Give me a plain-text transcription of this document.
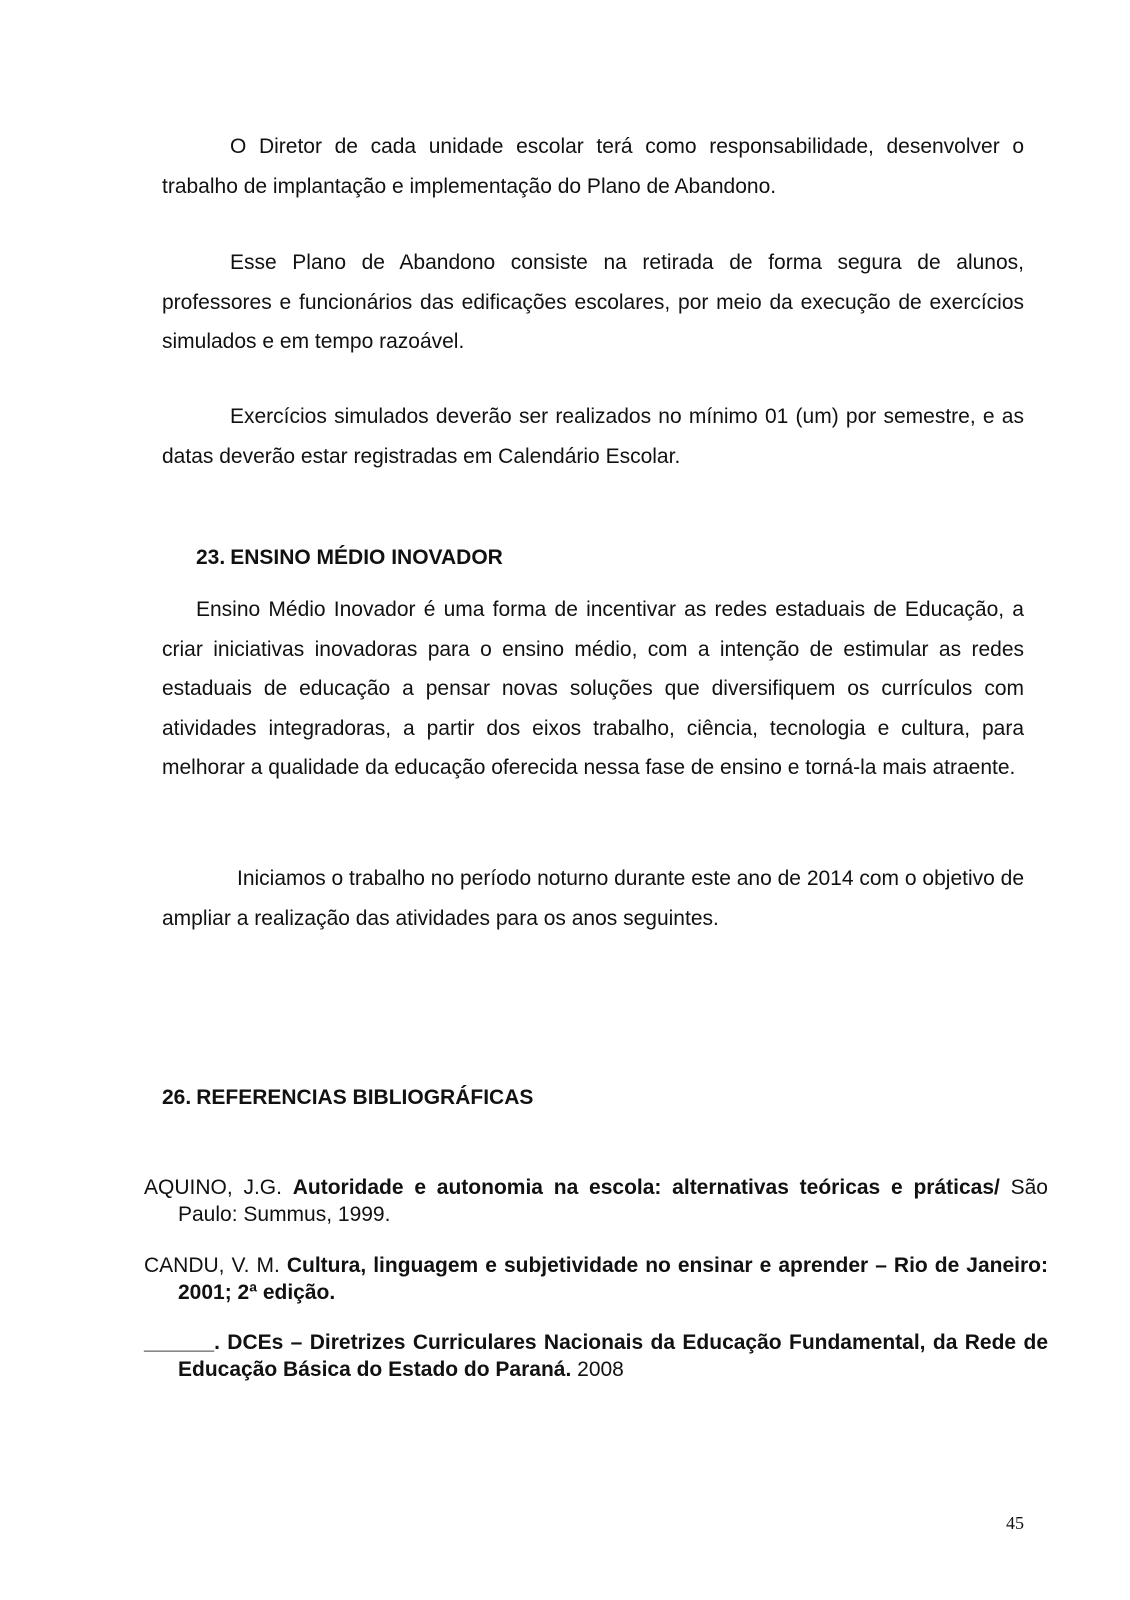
O Diretor de cada unidade escolar terá como responsabilidade, desenvolver o trabalho de implantação e implementação do Plano de Abandono.

Esse Plano de Abandono consiste na retirada de forma segura de alunos, professores e funcionários das edificações escolares, por meio da execução de exercícios simulados e em tempo razoável.

Exercícios simulados deverão ser realizados no mínimo 01 (um) por semestre, e as datas deverão estar registradas em Calendário Escolar.

23. ENSINO MÉDIO INOVADOR

Ensino Médio Inovador é uma forma de incentivar as redes estaduais de Educação, a criar iniciativas inovadoras para o ensino médio, com a intenção de estimular as redes estaduais de educação a pensar novas soluções que diversifiquem os currículos com atividades integradoras, a partir dos eixos trabalho, ciência, tecnologia e cultura, para melhorar a qualidade da educação oferecida nessa fase de ensino e torná-la mais atraente.

Iniciamos o trabalho no período noturno durante este ano de 2014 com o objetivo de ampliar a realização das atividades para os anos seguintes.

26. REFERENCIAS BIBLIOGRÁFICAS

AQUINO, J.G. Autoridade e autonomia na escola: alternativas teóricas e práticas/ São Paulo: Summus, 1999.

CANDU, V. M. Cultura, linguagem e subjetividade no ensinar e aprender – Rio de Janeiro: 2001; 2ª edição.

______. DCEs – Diretrizes Curriculares Nacionais da Educação Fundamental, da Rede de Educação Básica do Estado do Paraná. 2008

45
